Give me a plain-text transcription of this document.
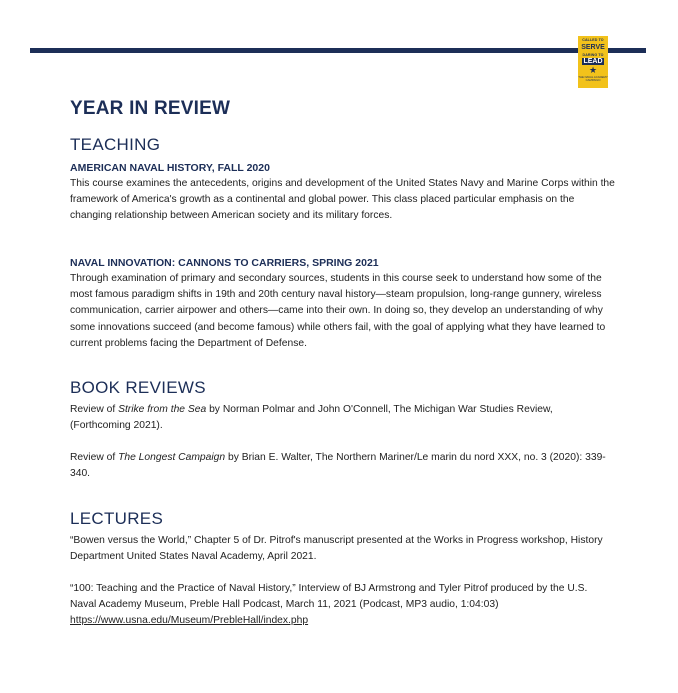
CALLED TO
SERVE
DARING TO
LEAD
★
THE NAVAL ACADEMY CAMPAIGN
YEAR IN REVIEW
TEACHING
AMERICAN NAVAL HISTORY, FALL 2020
This course examines the antecedents, origins and development of the United States Navy and Marine Corps within the framework of America's growth as a continental and global power. This class placed particular emphasis on the changing relationship between American society and its military forces.
NAVAL INNOVATION: CANNONS TO CARRIERS, SPRING 2021
Through examination of primary and secondary sources, students in this course seek to understand how some of the most famous paradigm shifts in 19th and 20th century naval history—steam propulsion, long-range gunnery, wireless communication, carrier airpower and others—came into their own. In doing so, they develop an understanding of why some innovations succeed (and become famous) while others fail, with the goal of applying what they have learned to current problems facing the Department of Defense.
BOOK REVIEWS
Review of Strike from the Sea by Norman Polmar and John O'Connell, The Michigan War Studies Review, (Forthcoming 2021).
Review of The Longest Campaign by Brian E. Walter, The Northern Mariner/Le marin du nord XXX, no. 3 (2020): 339-340.
LECTURES
“Bowen versus the World,” Chapter 5 of Dr. Pitrof's manuscript presented at the Works in Progress workshop, History Department United States Naval Academy, April 2021.
“100: Teaching and the Practice of Naval History,” Interview of BJ Armstrong and Tyler Pitrof produced by the U.S. Naval Academy Museum, Preble Hall Podcast, March 11, 2021 (Podcast, MP3 audio, 1:04:03)
https://www.usna.edu/Museum/PrebleHall/index.php
